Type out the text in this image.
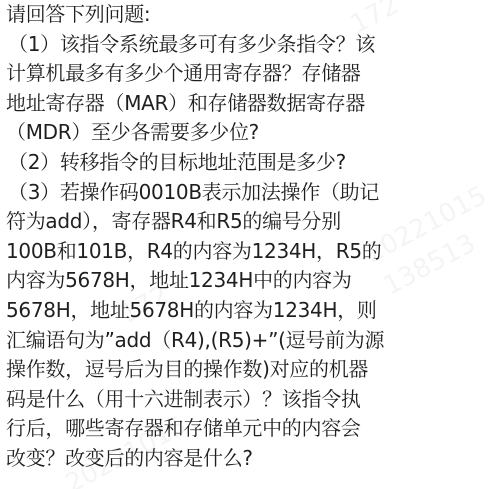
请回答下列问题:
（1）该指令系统最多可有多少条指令？该
计算机最多有多少个通用寄存器？存储器
地址寄存器（MAR）和存储器数据寄存器
（MDR）至少各需要多少位?
（2）转移指令的目标地址范围是多少?
（3）若操作码0010B表示加法操作（助记
符为add），寄存器R4和R5的编号分别
100B和101B，R4的内容为1234H，R5的
内容为5678H，地址1234H中的内容为
5678H，地址5678H的内容为1234H，则
汇编语句为”add（R4),(R5)+”(逗号前为源
操作数，逗号后为目的操作数)对应的机器
码是什么（用十六进制表示）？该指令执
行后，哪些寄存器和存储单元中的内容会
改变？改变后的内容是什么?
